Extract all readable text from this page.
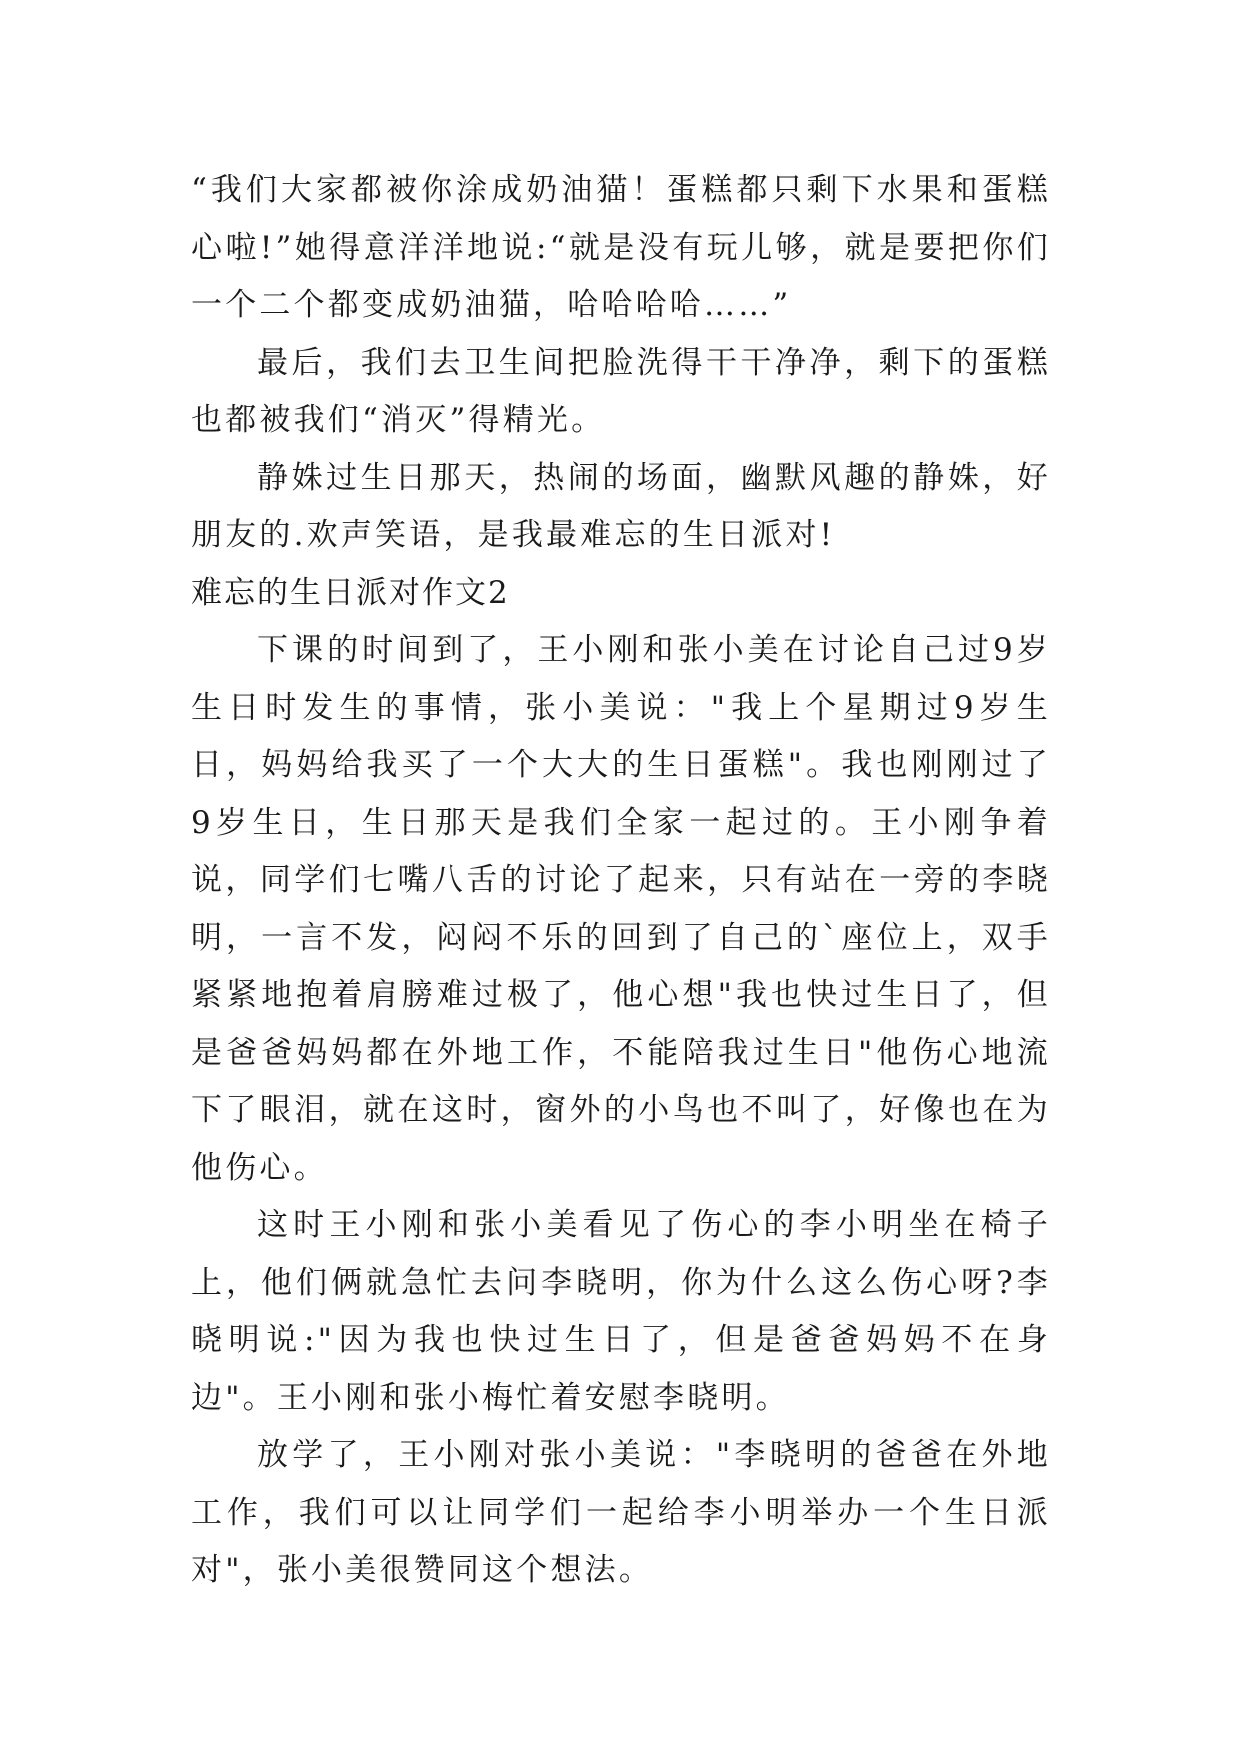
“我们大家都被你涂成奶油猫！蛋糕都只剩下水果和蛋糕心啦!”她得意洋洋地说:“就是没有玩儿够，就是要把你们一个二个都变成奶油猫，哈哈哈哈……”

最后，我们去卫生间把脸洗得干干净净，剩下的蛋糕也都被我们“消灭”得精光。

静姝过生日那天，热闹的场面，幽默风趣的静姝，好朋友的.欢声笑语，是我最难忘的生日派对!

难忘的生日派对作文2

下课的时间到了，王小刚和张小美在讨论自己过9岁生日时发生的事情，张小美说："我上个星期过9岁生日，妈妈给我买了一个大大的生日蛋糕"。我也刚刚过了9岁生日，生日那天是我们全家一起过的。王小刚争着说，同学们七嘴八舌的讨论了起来，只有站在一旁的李晓明，一言不发，闷闷不乐的回到了自己的`座位上，双手紧紧地抱着肩膀难过极了，他心想"我也快过生日了，但是爸爸妈妈都在外地工作，不能陪我过生日"他伤心地流下了眼泪，就在这时，窗外的小鸟也不叫了，好像也在为他伤心。

这时王小刚和张小美看见了伤心的李小明坐在椅子上，他们俩就急忙去问李晓明，你为什么这么伤心呀?李晓明说:"因为我也快过生日了，但是爸爸妈妈不在身边"。王小刚和张小梅忙着安慰李晓明。

放学了，王小刚对张小美说："李晓明的爸爸在外地工作，我们可以让同学们一起给李小明举办一个生日派对"，张小美很赞同这个想法。
